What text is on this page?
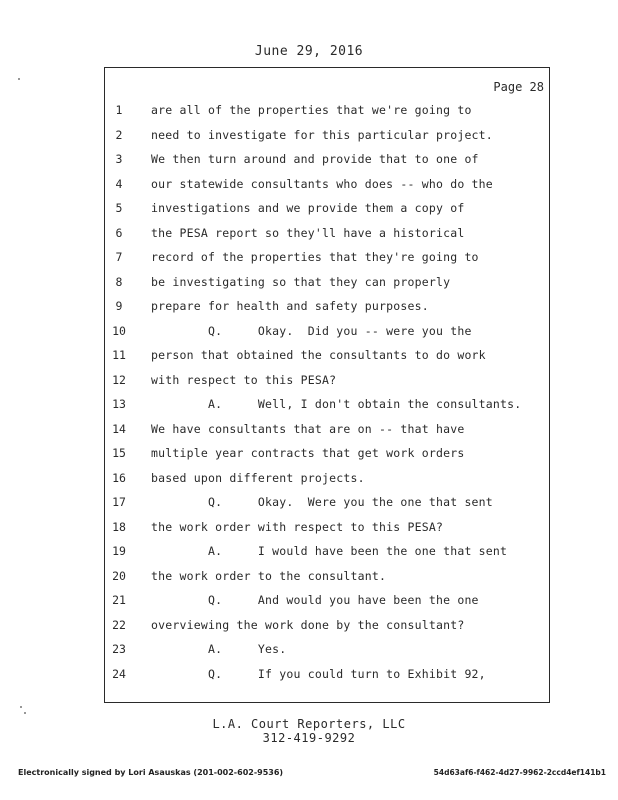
June 29, 2016
Page 28
1	are all of the properties that we're going to
2	need to investigate for this particular project.
3	We then turn around and provide that to one of
4	our statewide consultants who does -- who do the
5	investigations and we provide them a copy of
6	the PESA report so they'll have a historical
7	record of the properties that they're going to
8	be investigating so that they can properly
9	prepare for health and safety purposes.
10	Q.     Okay.  Did you -- were you the
11	person that obtained the consultants to do work
12	with respect to this PESA?
13	A.     Well, I don't obtain the consultants.
14	We have consultants that are on -- that have
15	multiple year contracts that get work orders
16	based upon different projects.
17	Q.     Okay.  Were you the one that sent
18	the work order with respect to this PESA?
19	A.     I would have been the one that sent
20	the work order to the consultant.
21	Q.     And would you have been the one
22	overviewing the work done by the consultant?
23	A.     Yes.
24	Q.     If you could turn to Exhibit 92,
L.A. Court Reporters, LLC
312-419-9292
Electronically signed by Lori Asauskas (201-002-602-9536)	54d63af6-f462-4d27-9962-2ccd4ef141b1
